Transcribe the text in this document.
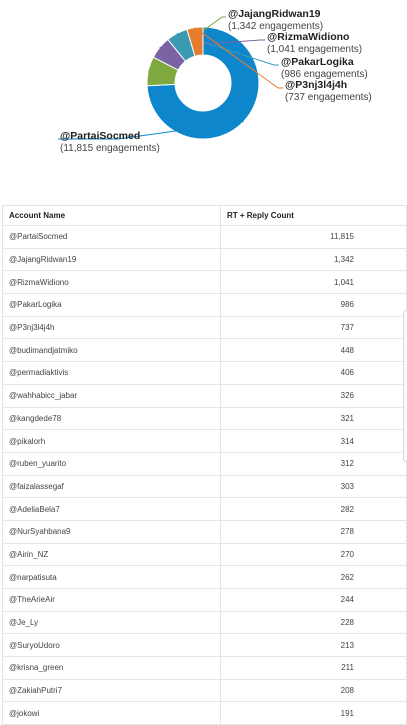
@PartaiSocmed
(11,815 engagements)
@JajangRidwan19
(1,342 engagements)
@RizmaWidiono
(1,041 engagements)
@PakarLogika
(986 engagements)
@P3nj3l4j4h
(737 engagements)
Account Name	RT + Reply Count
@PartaiSocmed	11,815
@JajangRidwan19	1,342
@RizmaWidiono	1,041
@PakarLogika	986
@P3nj3l4j4h	737
@budimandjatmiko	448
@permadiaktivis	406
@wahhabicc_jabar	326
@kangdede78	321
@pikalorh	314
@ruben_yuarito	312
@faizalassegaf	303
@AdeliaBela7	282
@NurSyahbana9	278
@Airin_NZ	270
@narpatisuta	262
@TheArieAir	244
@Je_Ly	228
@SuryoUdoro	213
@krisna_green	211
@ZakiahPutri7	208
@jokowi	191
